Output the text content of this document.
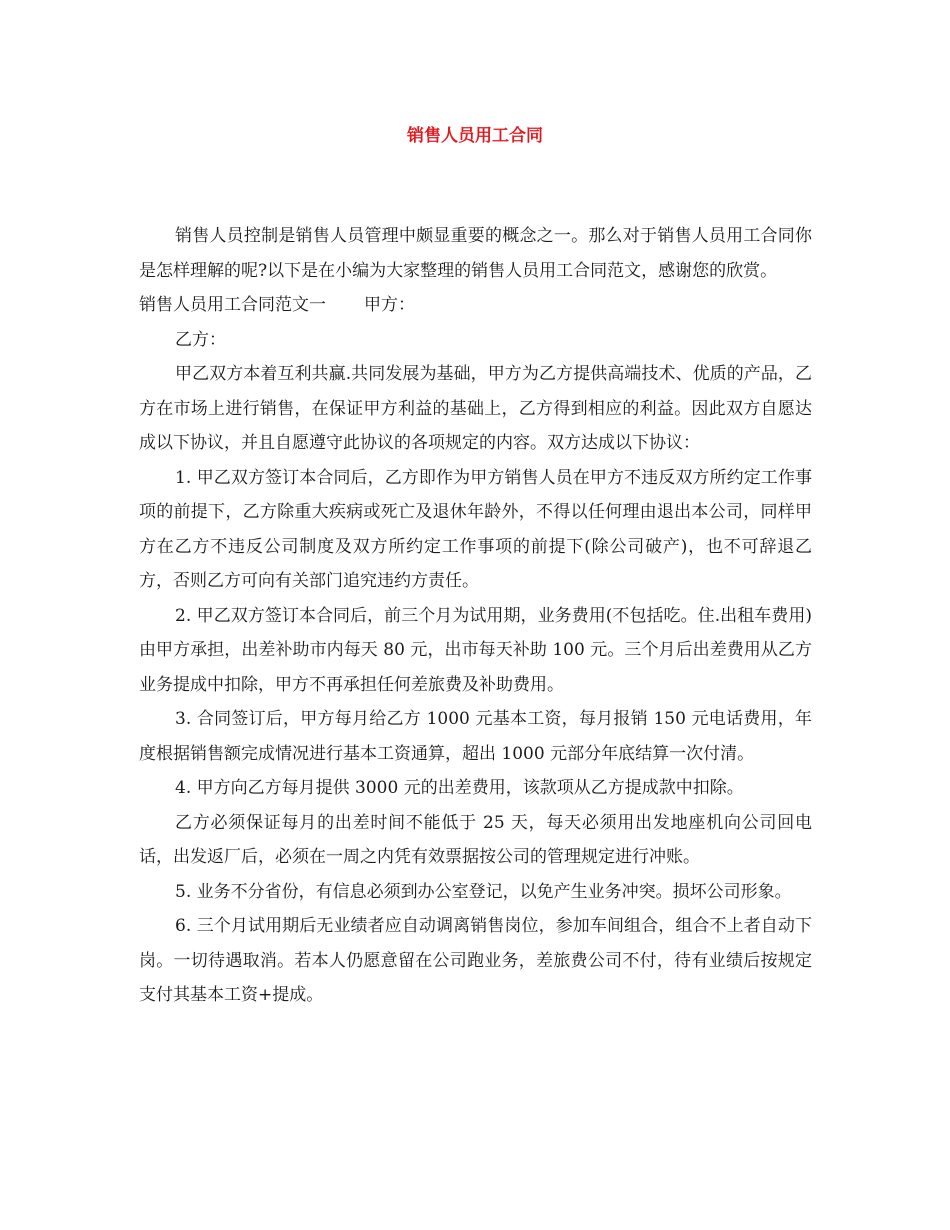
销售人员用工合同

销售人员控制是销售人员管理中颇显重要的概念之一。那么对于销售人员用工合同你是怎样理解的呢?以下是在小编为大家整理的销售人员用工合同范文，感谢您的欣赏。

销售人员用工合同范文一 甲方：

乙方：

甲乙双方本着互利共赢.共同发展为基础，甲方为乙方提供高端技术、优质的产品，乙方在市场上进行销售，在保证甲方利益的基础上，乙方得到相应的利益。因此双方自愿达成以下协议，并且自愿遵守此协议的各项规定的内容。双方达成以下协议：

1. 甲乙双方签订本合同后，乙方即作为甲方销售人员在甲方不违反双方所约定工作事项的前提下，乙方除重大疾病或死亡及退休年龄外，不得以任何理由退出本公司，同样甲方在乙方不违反公司制度及双方所约定工作事项的前提下(除公司破产)，也不可辞退乙方，否则乙方可向有关部门追究违约方责任。

2. 甲乙双方签订本合同后，前三个月为试用期，业务费用(不包括吃。住.出租车费用)由甲方承担，出差补助市内每天 80 元，出市每天补助 100 元。三个月后出差费用从乙方业务提成中扣除，甲方不再承担任何差旅费及补助费用。

3. 合同签订后，甲方每月给乙方 1000 元基本工资，每月报销 150 元电话费用，年度根据销售额完成情况进行基本工资通算，超出 1000 元部分年底结算一次付清。

4. 甲方向乙方每月提供 3000 元的出差费用，该款项从乙方提成款中扣除。

乙方必须保证每月的出差时间不能低于 25 天，每天必须用出发地座机向公司回电话，出发返厂后，必须在一周之内凭有效票据按公司的管理规定进行冲账。

5. 业务不分省份，有信息必须到办公室登记，以免产生业务冲突。损坏公司形象。

6. 三个月试用期后无业绩者应自动调离销售岗位，参加车间组合，组合不上者自动下岗。一切待遇取消。若本人仍愿意留在公司跑业务，差旅费公司不付，待有业绩后按规定支付其基本工资+提成。
